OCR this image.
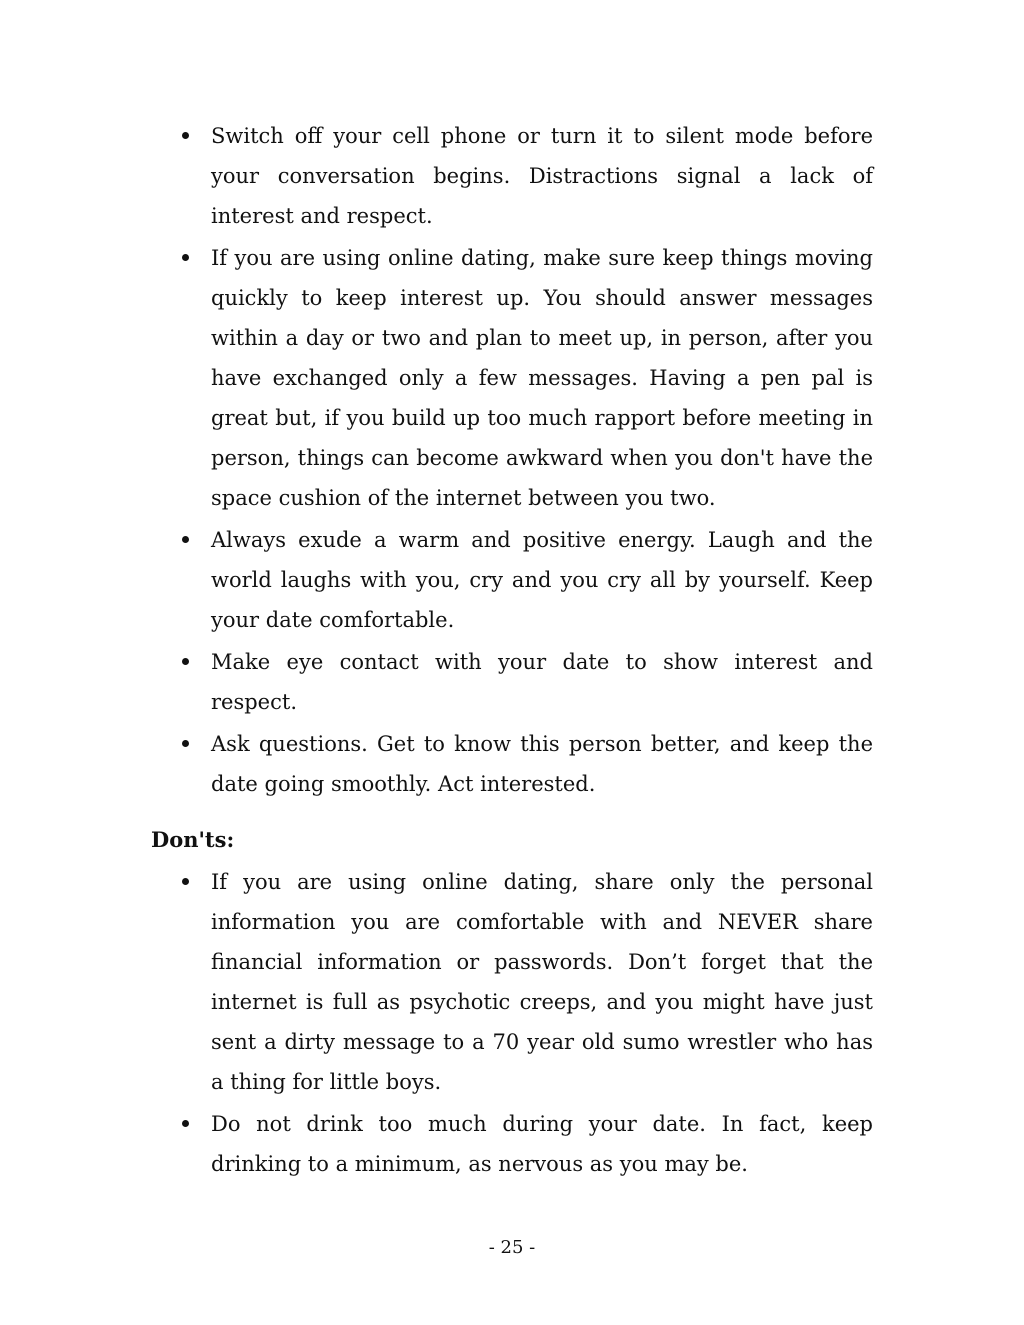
Switch off your cell phone or turn it to silent mode before your conversation begins. Distractions signal a lack of interest and respect.
If you are using online dating, make sure keep things moving quickly to keep interest up. You should answer messages within a day or two and plan to meet up, in person, after you have exchanged only a few messages. Having a pen pal is great but, if you build up too much rapport before meeting in person, things can become awkward when you don't have the space cushion of the internet between you two.
Always exude a warm and positive energy. Laugh and the world laughs with you, cry and you cry all by yourself. Keep your date comfortable.
Make eye contact with your date to show interest and respect.
Ask questions. Get to know this person better, and keep the date going smoothly. Act interested.
Don'ts:
If you are using online dating, share only the personal information you are comfortable with and NEVER share financial information or passwords. Don’t forget that the internet is full as psychotic creeps, and you might have just sent a dirty message to a 70 year old sumo wrestler who has a thing for little boys.
Do not drink too much during your date. In fact, keep drinking to a minimum, as nervous as you may be.
- 25 -
